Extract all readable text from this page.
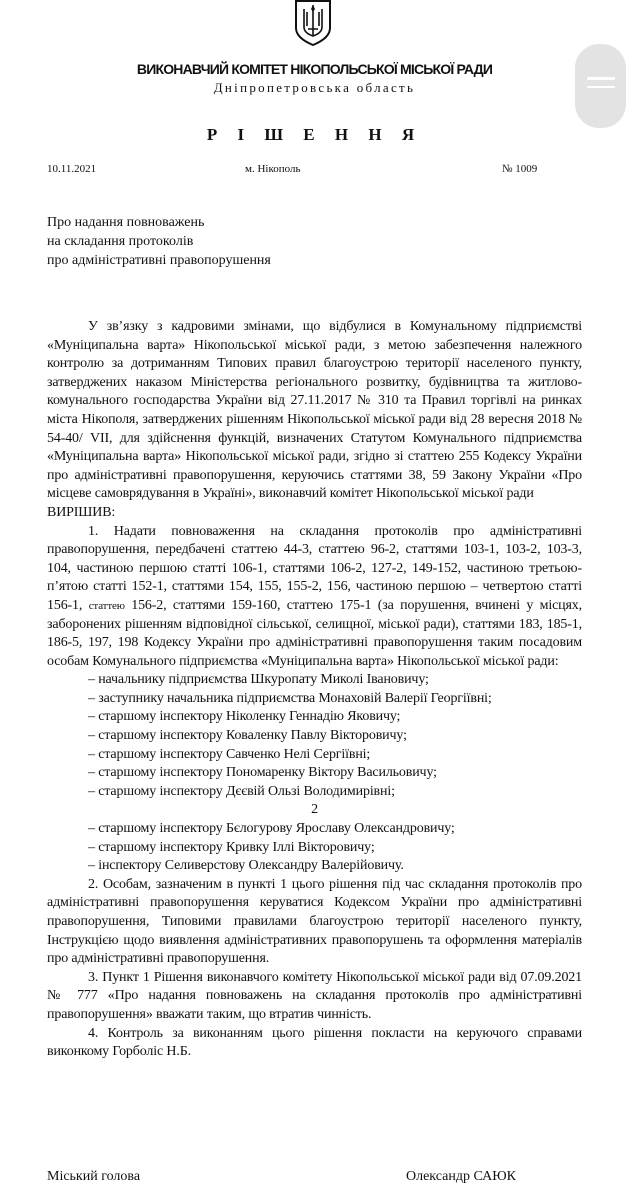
ВИКОНАВЧИЙ КОМІТЕТ НІКОПОЛЬСЬКОЇ МІСЬКОЇ РАДИ
Дніпропетровська область
Р І Ш Е Н Н Я
10.11.2021	м. Нікополь	№ 1009
Про надання повноважень
на складання протоколів
про адміністративні правопорушення

У зв’язку з кадровими змінами, що відбулися в Комунальному підприємстві «Муніципальна варта» Нікопольської міської ради, з метою забезпечення належного контролю за дотриманням Типових правил благоустрою території населеного пункту, затверджених наказом Міністерства регіонального розвитку, будівництва та житлово-комунального господарства України від 27.11.2017 № 310 та Правил торгівлі на ринках міста Нікополя, затверджених рішенням Нікопольської міської ради від 28 вересня 2018 № 54-40/ VII, для здійснення функцій, визначених Статутом Комунального підприємства «Муніципальна варта» Нікопольської міської ради, згідно зі статтею 255 Кодексу України про адміністративні правопорушення, керуючись статтями 38, 59 Закону України «Про місцеве самоврядування в Україні», виконавчий комітет Нікопольської міської ради

ВИРІШИВ:

1. Надати повноваження на складання протоколів про адміністративні правопорушення, передбачені статтею 44-3, статтею 96-2, статтями 103-1, 103-2, 103-3, 104, частиною першою статті 106-1, статтями 106-2, 127-2, 149-152, частиною третьою-п’ятою статті 152-1, статтями 154, 155, 155-2, 156, частиною першою – четвертою статті 156-1, статтею 156-2, статтями 159-160, статтею 175-1 (за порушення, вчинені у місцях, заборонених рішенням відповідної сільської, селищної, міської ради), статтями 183, 185-1, 186-5, 197, 198 Кодексу України про адміністративні правопорушення таким посадовим особам Комунального підприємства «Муніципальна варта» Нікопольської міської ради:

– начальнику підприємства Шкуропату Миколі Івановичу;
– заступнику начальника підприємства Монаховій Валерії Георгіївні;
– старшому інспектору Ніколенку Геннадію Яковичу;
– старшому інспектору Коваленку Павлу Вікторовичу;
– старшому інспектору Савченко Нелі Сергіївні;
– старшому інспектору Пономаренку Віктору Васильовичу;
– старшому інспектору Дєєвій Ользі Володимирівні;

2

– старшому інспектору Бєлогурову Ярославу Олександровичу;
– старшому інспектору Кривку Іллі Вікторовичу;
– інспектору Селиверстову Олександру Валерійовичу.

2. Особам, зазначеним в пункті 1 цього рішення під час складання протоколів про адміністративні правопорушення керуватися Кодексом України про адміністративні правопорушення, Типовими правилами благоустрою території населеного пункту, Інструкцією щодо виявлення адміністративних правопорушень та оформлення матеріалів про адміністративні правопорушення.

3. Пункт 1 Рішення виконавчого комітету Нікопольської міської ради від 07.09.2021 № 777 «Про надання повноважень на складання протоколів про адміністративні правопорушення» вважати таким, що втратив чинність.

4. Контроль за виконанням цього рішення покласти на керуючого справами виконкому Горболіс Н.Б.

Міський голова	Олександр САЮК
